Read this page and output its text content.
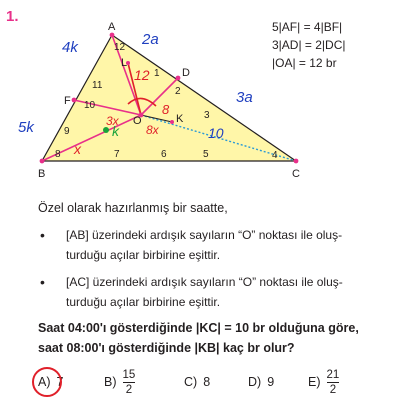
1.
A
B	C
D
F
K
L
O
12
1
2
3
4
5
6
7
8
9
10
11
4k	2a
3a
5k	10
12
8
x
k
3x
8x
5|AF| = 4|BF|
3|AD| = 2|DC|
|OA| = 12 br
Özel olarak hazırlanmış bir saatte,
• [AB] üzerindeki ardışık sayıların “O” noktası ile oluş-
turduğu açılar birbirine eşittir.
• [AC] üzerindeki ardışık sayıların “O” noktası ile oluş-
turduğu açılar birbirine eşittir.
Saat 04:00'ı gösterdiğinde |KC| = 10 br olduğuna göre,
saat 08:00'ı gösterdiğinde |KB| kaç br olur?
A) 7	$B) \frac{15}{2}$	C) 8	D) 9	$E) \frac{21}{2}$
